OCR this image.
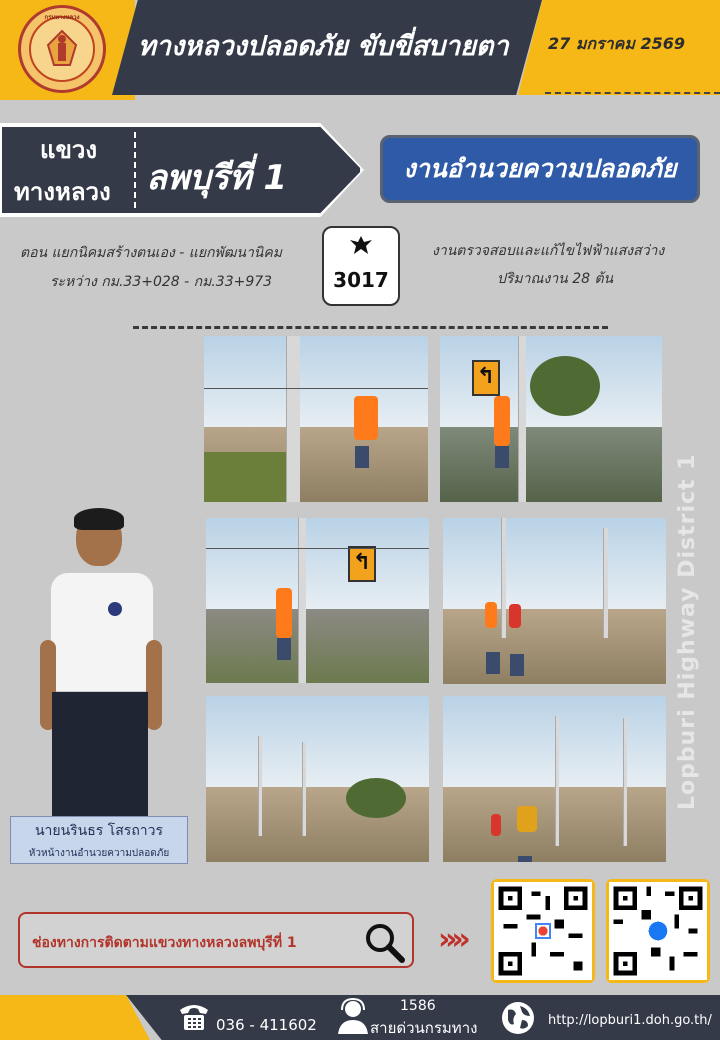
กรมทางหลวง
ทางหลวงปลอดภัย ขับขี่สบายตา	27 มกราคม 2569
แขวง
ทางหลวง ลพบุรีที่ 1	งานอำนวยความปลอดภัย
ตอน แยกนิคมสร้างตนเอง - แยกพัฒนานิคม
ระหว่าง กม.33+028 - กม.33+973	3017
งานตรวจสอบและแก้ไขไฟฟ้าแสงสว่าง
ปริมาณงาน 28 ต้น
↰
↰
นายนรินธร โสรถาวร
หัวหน้างานอำนวยความปลอดภัย
Lopburi Highway District 1
ช่องทางการติดตามแขวงทางหลวงลพบุรีที่ 1	»»
036 - 411602
1586
สายด่วนกรมทาง	http://lopburi1.doh.go.th/
